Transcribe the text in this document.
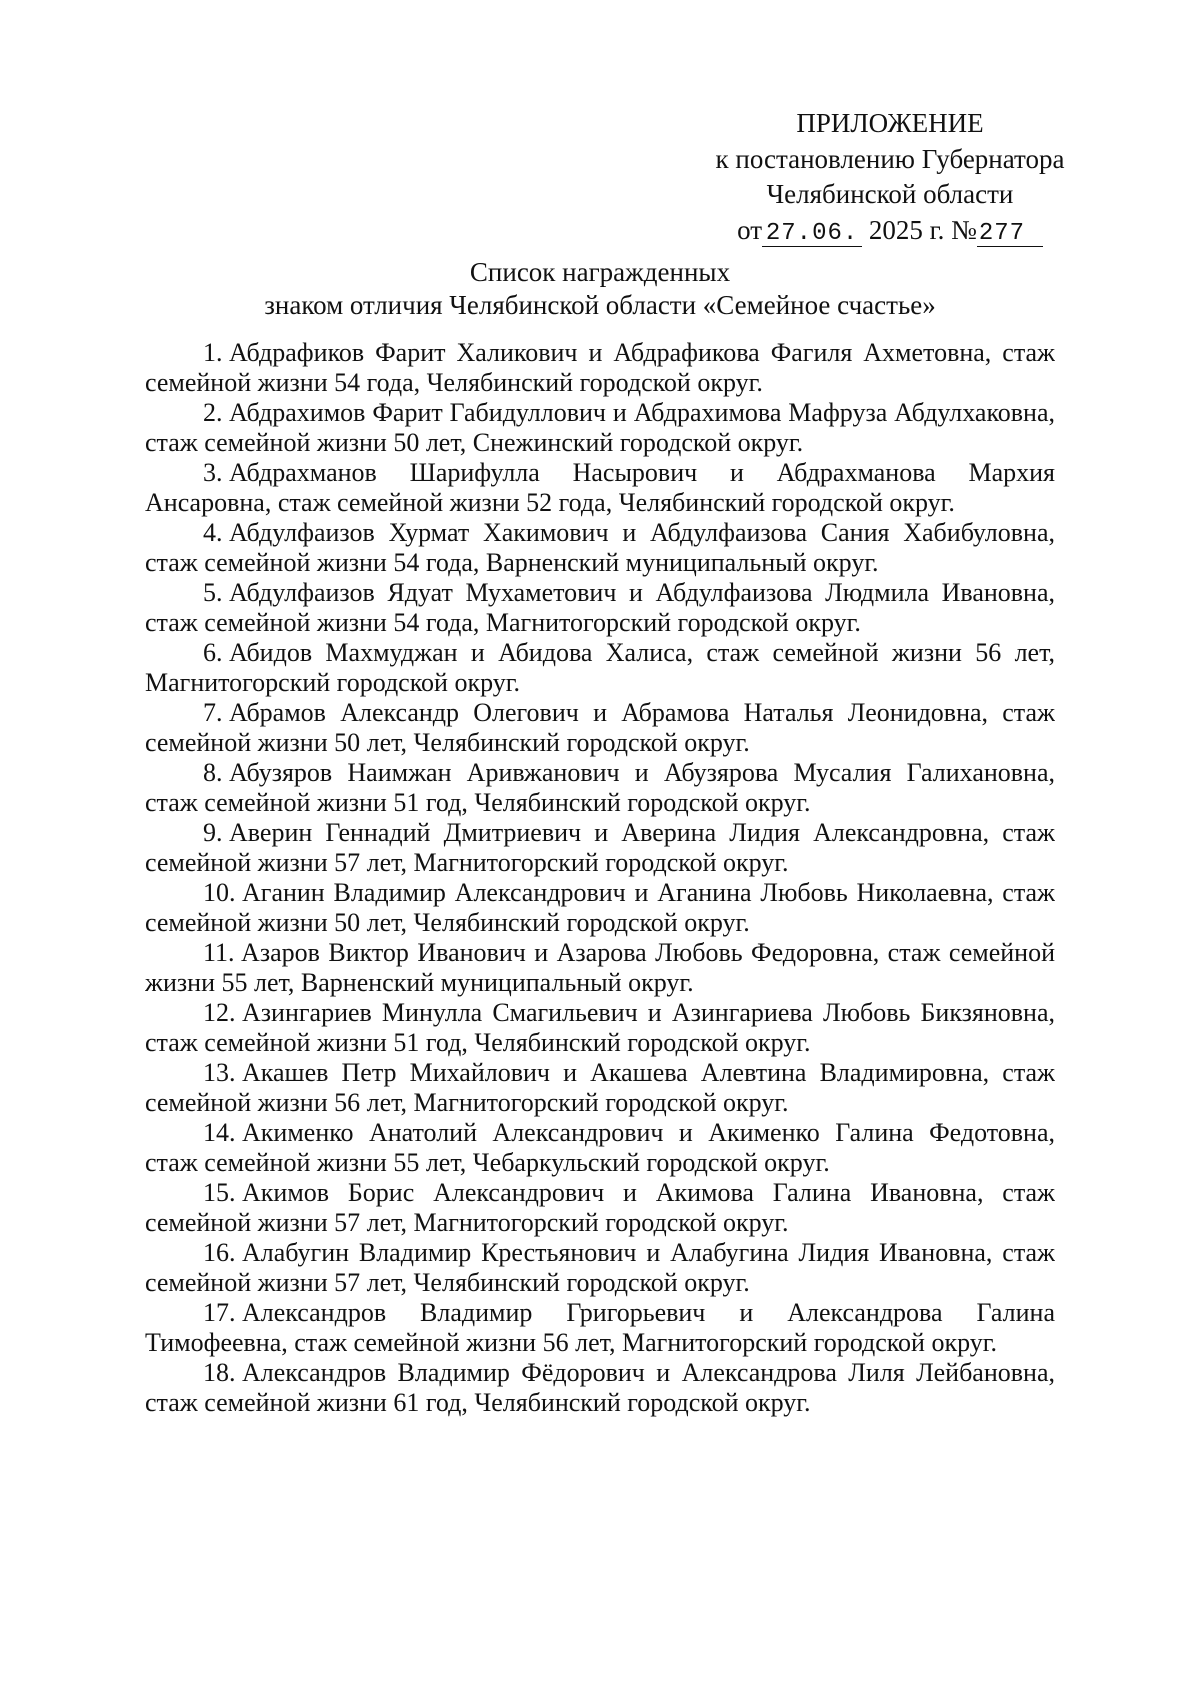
ПРИЛОЖЕНИЕ
к постановлению Губернатора
Челябинской области
от 27.06. 2025 г. №277
Список награжденных
знаком отличия Челябинской области «Семейное счастье»

1. Абдрафиков Фарит Халикович и Абдрафикова Фагиля Ахметовна, стаж семейной жизни 54 года, Челябинский городской округ.

2. Абдрахимов Фарит Габидуллович и Абдрахимова Мафруза Абдулхаковна, стаж семейной жизни 50 лет, Снежинский городской округ.

3. Абдрахманов Шарифулла Насырович и Абдрахманова Мархия Ансаровна, стаж семейной жизни 52 года, Челябинский городской округ.

4. Абдулфаизов Хурмат Хакимович и Абдулфаизова Сания Хабибуловна, стаж семейной жизни 54 года, Варненский муниципальный округ.

5. Абдулфаизов Ядуат Мухаметович и Абдулфаизова Людмила Ивановна, стаж семейной жизни 54 года, Магнитогорский городской округ.

6. Абидов Махмуджан и Абидова Халиса, стаж семейной жизни 56 лет, Магнитогорский городской округ.

7. Абрамов Александр Олегович и Абрамова Наталья Леонидовна, стаж семейной жизни 50 лет, Челябинский городской округ.

8. Абузяров Наимжан Аривжанович и Абузярова Мусалия Галихановна, стаж семейной жизни 51 год, Челябинский городской округ.

9. Аверин Геннадий Дмитриевич и Аверина Лидия Александровна, стаж семейной жизни 57 лет, Магнитогорский городской округ.

10. Аганин Владимир Александрович и Аганина Любовь Николаевна, стаж семейной жизни 50 лет, Челябинский городской округ.

11. Азаров Виктор Иванович и Азарова Любовь Федоровна, стаж семейной жизни 55 лет, Варненский муниципальный округ.

12. Азингариев Минулла Смагильевич и Азингариева Любовь Бикзяновна, стаж семейной жизни 51 год, Челябинский городской округ.

13. Акашев Петр Михайлович и Акашева Алевтина Владимировна, стаж семейной жизни 56 лет, Магнитогорский городской округ.

14. Акименко Анатолий Александрович и Акименко Галина Федотовна, стаж семейной жизни 55 лет, Чебаркульский городской округ.

15. Акимов Борис Александрович и Акимова Галина Ивановна, стаж семейной жизни 57 лет, Магнитогорский городской округ.

16. Алабугин Владимир Крестьянович и Алабугина Лидия Ивановна, стаж семейной жизни 57 лет, Челябинский городской округ.

17. Александров Владимир Григорьевич и Александрова Галина Тимофеевна, стаж семейной жизни 56 лет, Магнитогорский городской округ.

18. Александров Владимир Фёдорович и Александрова Лиля Лейбановна, стаж семейной жизни 61 год, Челябинский городской округ.
